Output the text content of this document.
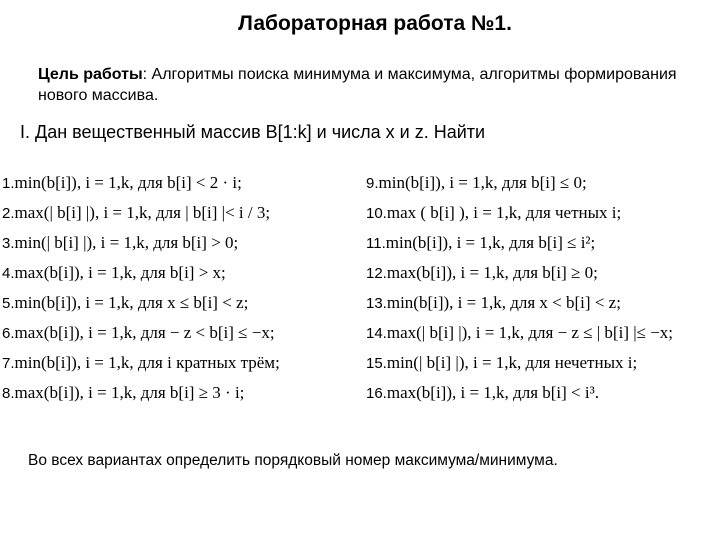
Лабораторная работа №1.
Цель работы: Алгоритмы поиска минимума и максимума, алгоритмы формирования нового массива.
I. Дан вещественный массив B[1:k] и числа x и z. Найти
1.min(b[i]), i = 1,k, для b[i] < 2 · i;
2.max(| b[i] |), i = 1,k, для | b[i] |< i / 3;
3.min(| b[i] |), i = 1,k, для b[i] > 0;
4.max(b[i]), i = 1,k, для b[i] > x;
5.min(b[i]), i = 1,k, для x ≤ b[i] < z;
6.max(b[i]), i = 1,k, для − z < b[i] ≤ −x;
7.min(b[i]), i = 1,k, для i кратных трём;
8.max(b[i]), i = 1,k, для b[i] ≥ 3 · i;
9.min(b[i]), i = 1,k, для b[i] ≤ 0;
10.max ( b[i] ), i = 1,k, для четных i;
11.min(b[i]), i = 1,k, для b[i] ≤ i²;
12.max(b[i]), i = 1,k, для b[i] ≥ 0;
13.min(b[i]), i = 1,k, для x < b[i] < z;
14.max(| b[i] |), i = 1,k, для − z ≤ | b[i] |≤ −x;
15.min(| b[i] |), i = 1,k, для нечетных i;
16.max(b[i]), i = 1,k, для b[i] < i³.
Во всех вариантах определить порядковый номер максимума/минимума.
